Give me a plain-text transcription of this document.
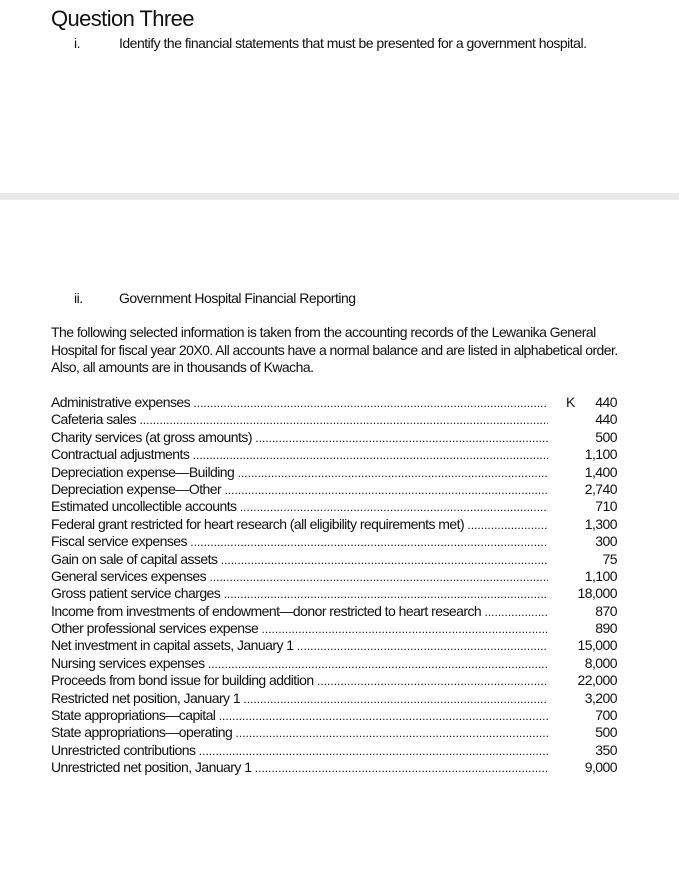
Question Three
i.	Identify the financial statements that must be presented for a government hospital.
ii.	Government Hospital Financial Reporting
The following selected information is taken from the accounting records of the Lewanika General Hospital for fiscal year 20X0. All accounts have a normal balance and are listed in alphabetical order. Also, all amounts are in thousands of Kwacha.
Administrative expenses .....	K 440
Cafeteria sales .....	440
Charity services (at gross amounts) .....	500
Contractual adjustments .....	1,100
Depreciation expense—Building .....	1,400
Depreciation expense—Other .....	2,740
Estimated uncollectible accounts .....	710
Federal grant restricted for heart research (all eligibility requirements met) .....	1,300
Fiscal service expenses .....	300
Gain on sale of capital assets .....	75
General services expenses .....	1,100
Gross patient service charges .....	18,000
Income from investments of endowment—donor restricted to heart research .....	870
Other professional services expense .....	890
Net investment in capital assets, January 1 .....	15,000
Nursing services expenses .....	8,000
Proceeds from bond issue for building addition .....	22,000
Restricted net position, January 1 .....	3,200
State appropriations—capital .....	700
State appropriations—operating .....	500
Unrestricted contributions .....	350
Unrestricted net position, January 1 .....	9,000
